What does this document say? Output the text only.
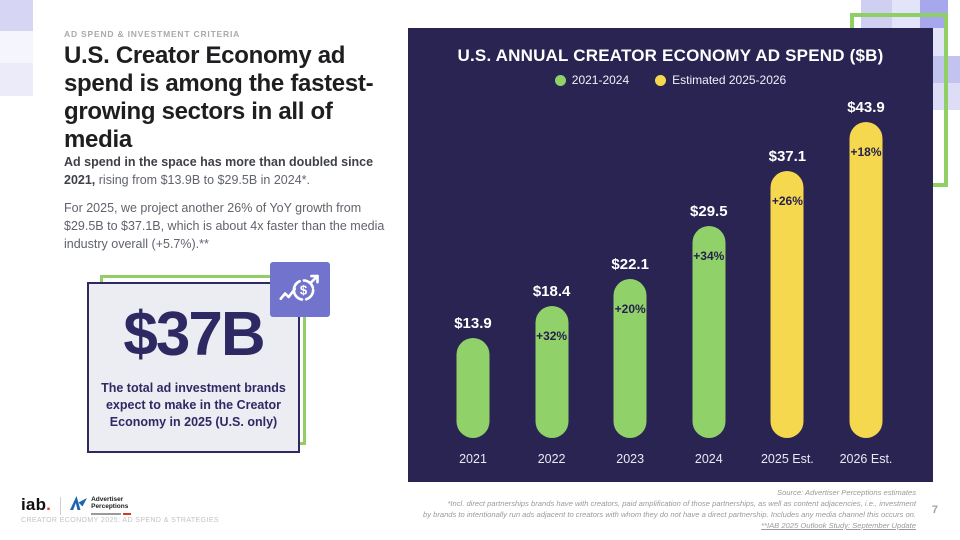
AD SPEND & INVESTMENT CRITERIA
U.S. Creator Economy ad spend is among the fastest-growing sectors in all of media

Ad spend in the space has more than doubled since 2021, rising from $13.9B to $29.5B in 2024*.

For 2025, we project another 26% of YoY growth from $29.5B to $37.1B, which is about 4x faster than the media industry overall (+5.7%).**

$37B
The total ad investment brands expect to make in the Creator Economy in 2025 (U.S. only)
$
U.S. ANNUAL CREATOR ECONOMY AD SPEND ($B)
2021-2024	Estimated 2025-2026
$13.9
2021
$18.4
+32%
2022
$22.1
+20%
2023
$29.5
+34%
2024
$37.1
+26%
2025 Est.
$43.9
+18%
2026 Est.
Source: Advertiser Perceptions estimates
*Incl. direct partnerships brands have with creators, paid amplification of those partnerships, as well as content adjacencies, i.e., investment
by brands to intentionally run ads adjacent to creators with whom they do not have a direct partnership. Includes any media channel this occurs on.
**IAB 2025 Outlook Study: September Update
7
iab.	Advertiser
Perceptions
CREATOR ECONOMY 2025: AD SPEND & STRATEGIES
